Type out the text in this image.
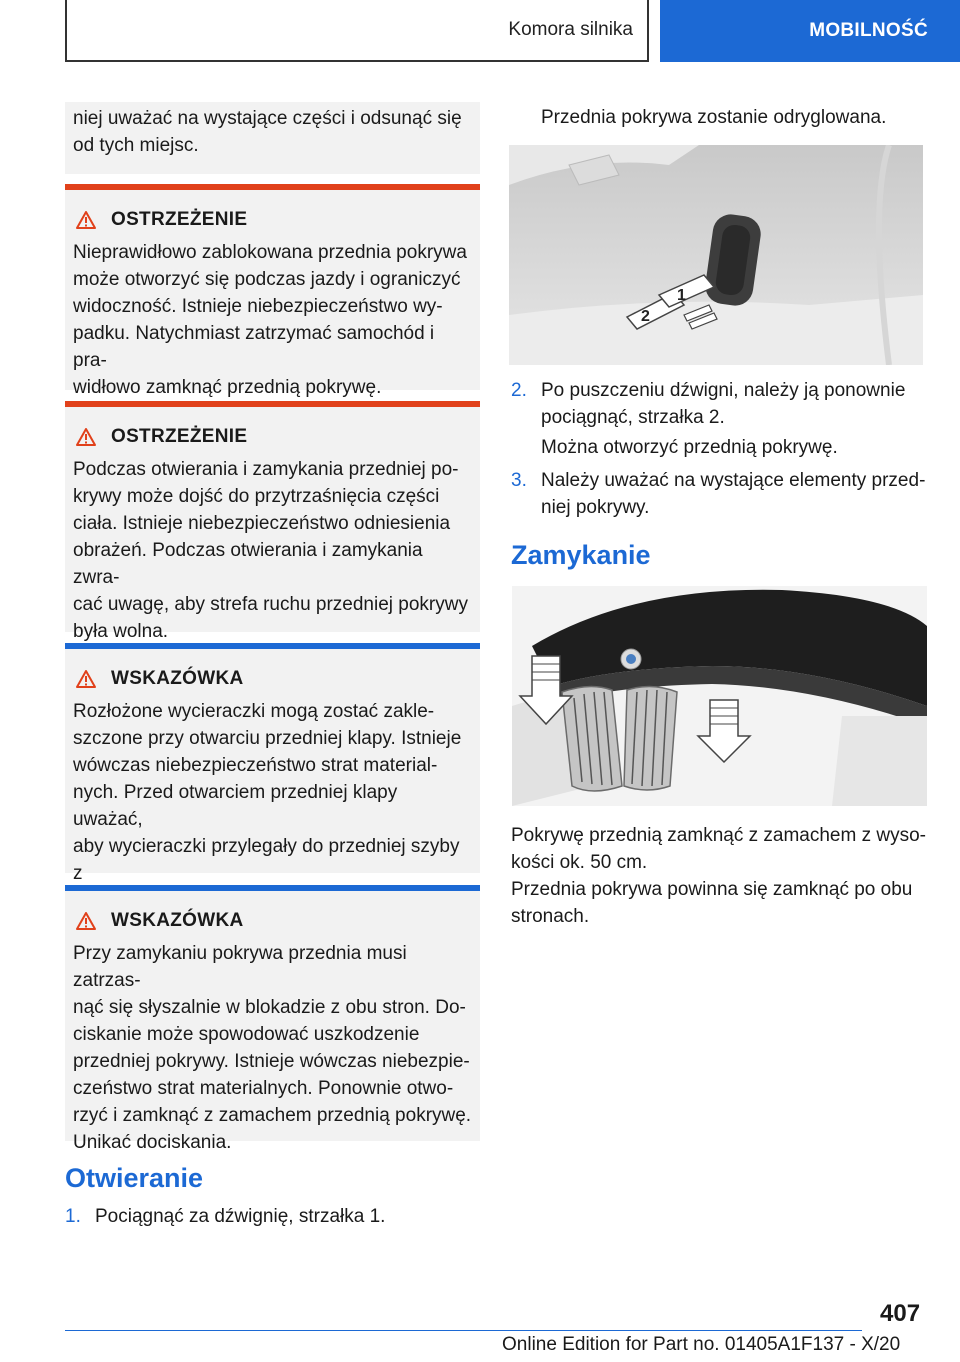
Komora silnika	MOBILNOŚĆ

niej uważać na wystające części i odsunąć się

od tych miejsc.

OSTRZEŻENIE

Nieprawidłowo zablokowana przednia pokrywa

może otworzyć się podczas jazdy i ograniczyć

widoczność. Istnieje niebezpieczeństwo wy-

padku. Natychmiast zatrzymać samochód i pra-

widłowo zamknąć przednią pokrywę.

OSTRZEŻENIE

Podczas otwierania i zamykania przedniej po-

krywy może dojść do przytrzaśnięcia części

ciała. Istnieje niebezpieczeństwo odniesienia

obrażeń. Podczas otwierania i zamykania zwra-

cać uwagę, aby strefa ruchu przedniej pokrywy

była wolna.

WSKAZÓWKA

Rozłożone wycieraczki mogą zostać zakle-

szczone przy otwarciu przedniej klapy. Istnieje

wówczas niebezpieczeństwo strat material-

nych. Przed otwarciem przedniej klapy uważać,

aby wycieraczki przylegały do przedniej szyby z

WSKAZÓWKA

Przy zamykaniu pokrywa przednia musi zatrzas-

nąć się słyszalnie w blokadzie z obu stron. Do-

ciskanie może spowodować uszkodzenie

przedniej pokrywy. Istnieje wówczas niebezpie-

czeństwo strat materialnych. Ponownie otwo-

rzyć i zamknąć z zamachem przednią pokrywę.

Unikać dociskania.

Otwieranie
1. Pociągnąć za dźwignię, strzałka 1.
Przednia pokrywa zostanie odryglowana.
2
1
2. Po puszczeniu dźwigni, należy ją ponownie
pociągnąć, strzałka 2.
Można otworzyć przednią pokrywę.
3. Należy uważać na wystające elementy przed-
niej pokrywy.
Zamykanie
Pokrywę przednią zamknąć z zamachem z wyso-
kości ok. 50 cm.
Przednia pokrywa powinna się zamknąć po obu
stronach.
407
Online Edition for Part no. 01405A1F137 - X/20
